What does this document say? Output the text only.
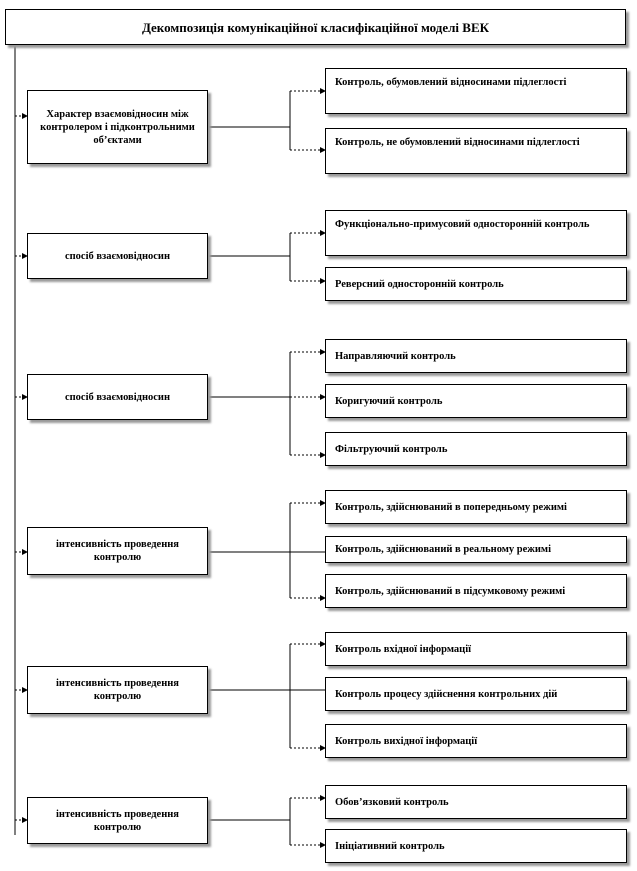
Декомпозиція комунікаційної класифікаційної моделі ВЕК
Характер взаємовідносин між контролером і підконтрольними об’єктами
Контроль, обумовлений відносинами підлеглості
Контроль, не обумовлений відносинами підлеглості
спосіб взаємовідносин
Функціонально-примусовий односторонній контроль
Реверсний односторонній контроль
спосіб взаємовідносин
Направляючий контроль
Коригуючий контроль
Фільтруючий контроль
інтенсивність проведення контролю
Контроль, здійснюваний в попередньому режимі
Контроль, здійснюваний в реальному режимі
Контроль, здійснюваний в підсумковому режимі
інтенсивність проведення контролю
Контроль вхідної інформації
Контроль процесу здійснення контрольних дій
Контроль вихідної інформації
інтенсивність проведення контролю
Обов’язковий контроль
Ініціативний контроль
